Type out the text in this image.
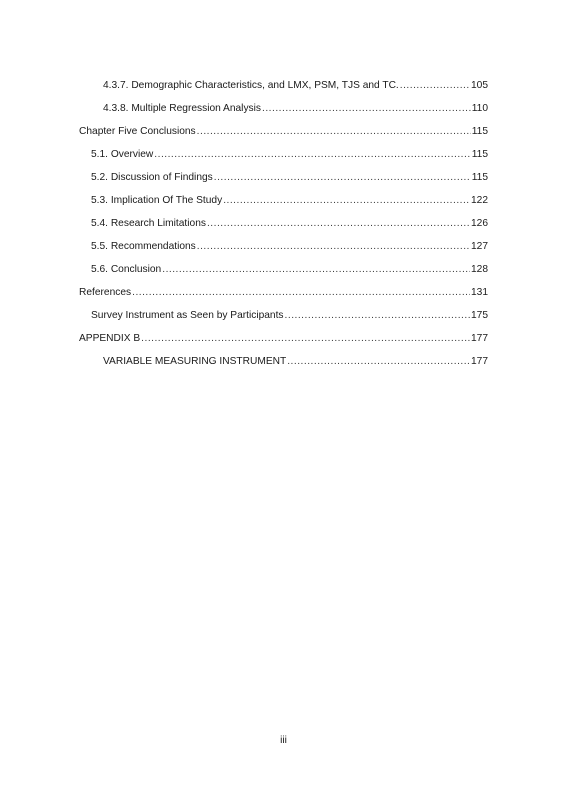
4.3.7. Demographic Characteristics, and LMX, PSM, TJS and TC. .....	105
4.3.8. Multiple Regression Analysis .....	110
Chapter Five Conclusions .....	115
5.1. Overview .....	115
5.2. Discussion of Findings .....	115
5.3. Implication Of The Study .....	122
5.4. Research Limitations .....	126
5.5. Recommendations .....	127
5.6. Conclusion .....	128
References .....	131
Survey Instrument as Seen by Participants .....	175
APPENDIX B .....	177
VARIABLE MEASURING INSTRUMENT .....	177
iii
